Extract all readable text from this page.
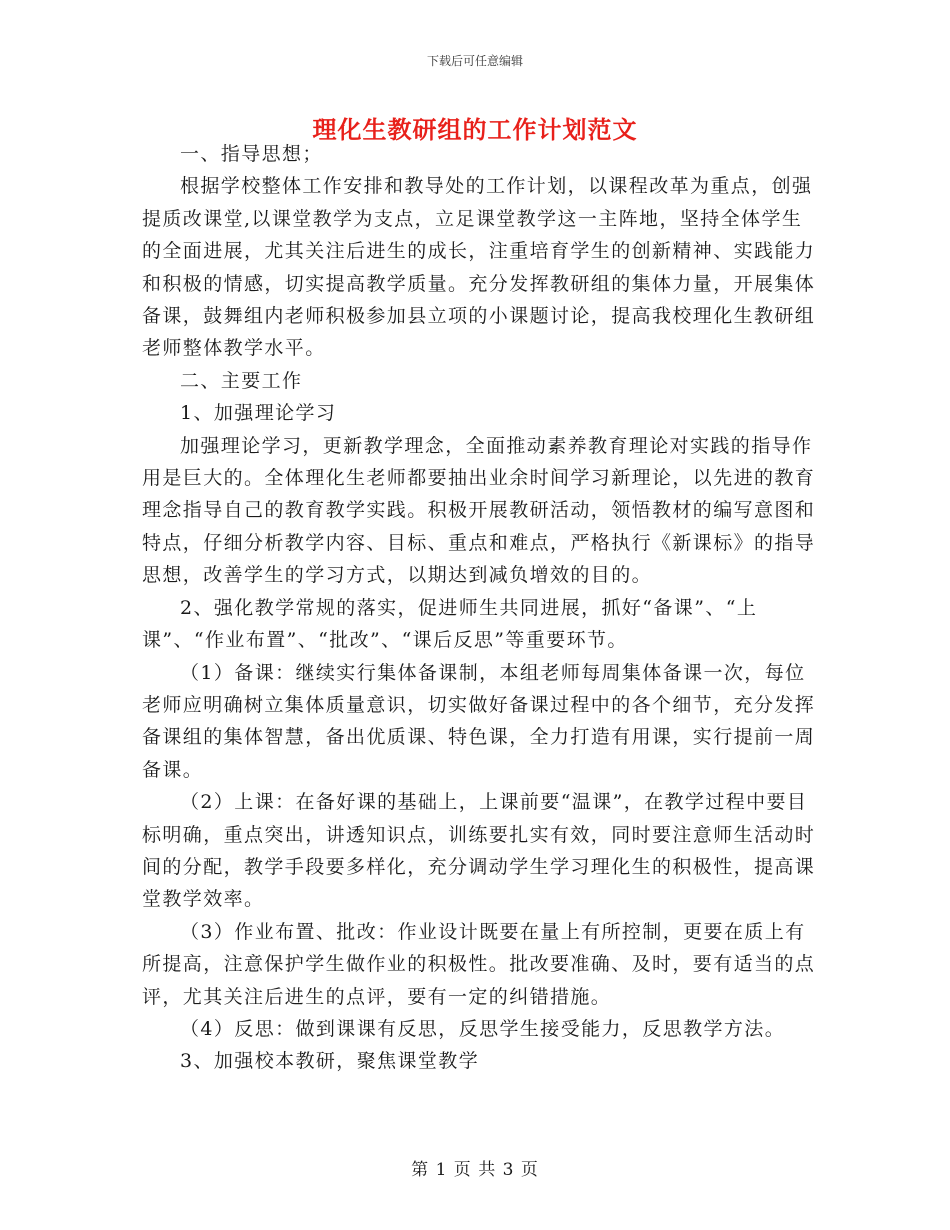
下载后可任意编辑
理化生教研组的工作计划范文

一、指导思想；

根据学校整体工作安排和教导处的工作计划，以课程改革为重点，创强提质改课堂,以课堂教学为支点，立足课堂教学这一主阵地，坚持全体学生的全面进展，尤其关注后进生的成长，注重培育学生的创新精神、实践能力和积极的情感，切实提高教学质量。充分发挥教研组的集体力量，开展集体备课，鼓舞组内老师积极参加县立项的小课题讨论，提高我校理化生教研组老师整体教学水平。

二、主要工作

1、加强理论学习

加强理论学习，更新教学理念，全面推动素养教育理论对实践的指导作用是巨大的。全体理化生老师都要抽出业余时间学习新理论，以先进的教育理念指导自己的教育教学实践。积极开展教研活动，领悟教材的编写意图和特点，仔细分析教学内容、目标、重点和难点，严格执行《新课标》的指导思想，改善学生的学习方式，以期达到减负增效的目的。

2、强化教学常规的落实，促进师生共同进展，抓好“备课”、“上课”、“作业布置”、“批改”、“课后反思”等重要环节。

（1）备课：继续实行集体备课制，本组老师每周集体备课一次，每位老师应明确树立集体质量意识，切实做好备课过程中的各个细节，充分发挥备课组的集体智慧，备出优质课、特色课，全力打造有用课，实行提前一周备课。

（2）上课：在备好课的基础上，上课前要“温课”，在教学过程中要目标明确，重点突出，讲透知识点，训练要扎实有效，同时要注意师生活动时间的分配，教学手段要多样化，充分调动学生学习理化生的积极性，提高课堂教学效率。

（3）作业布置、批改：作业设计既要在量上有所控制，更要在质上有所提高，注意保护学生做作业的积极性。批改要准确、及时，要有适当的点评，尤其关注后进生的点评，要有一定的纠错措施。

（4）反思：做到课课有反思，反思学生接受能力，反思教学方法。

3、加强校本教研，聚焦课堂教学

第 1 页 共 3 页
